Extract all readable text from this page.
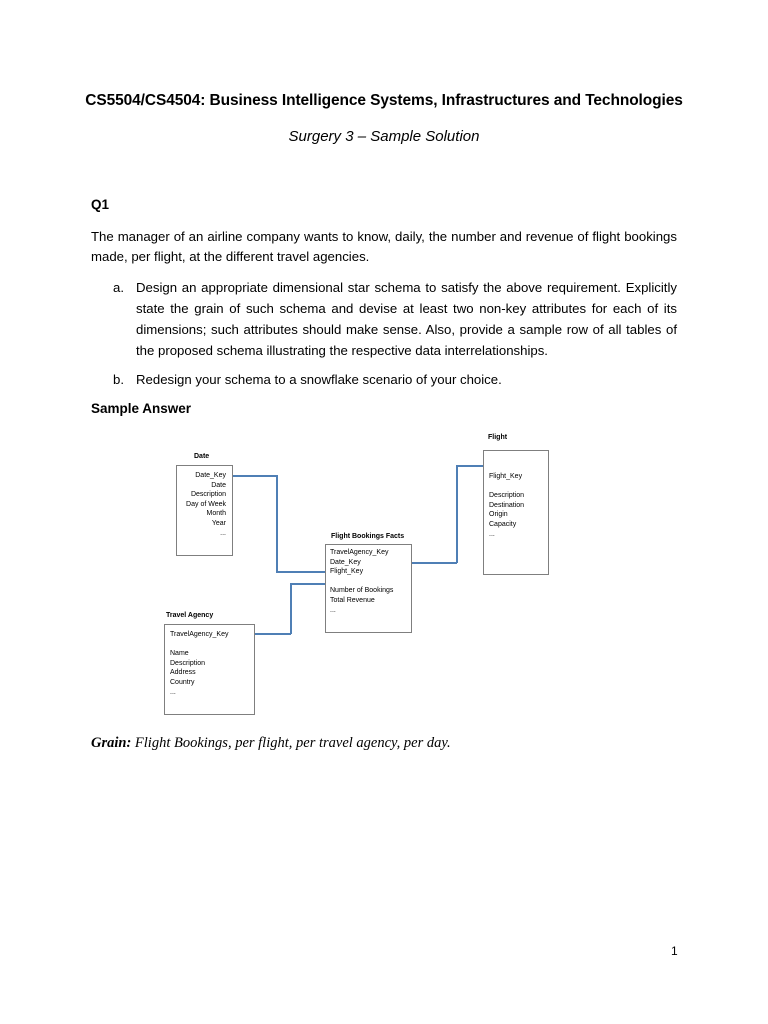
CS5504/CS4504: Business Intelligence Systems, Infrastructures and Technologies
Surgery 3 – Sample Solution
Q1
The manager of an airline company wants to know, daily, the number and revenue of flight bookings made, per flight, at the different travel agencies.
a. Design an appropriate dimensional star schema to satisfy the above requirement. Explicitly state the grain of such schema and devise at least two non-key attributes for each of its dimensions; such attributes should make sense. Also, provide a sample row of all tables of the proposed schema illustrating the respective data interrelationships.
b. Redesign your schema to a snowflake scenario of your choice.
Sample Answer
Date
Date_Key
Date
Description
Day of Week
Month
Year
...
Flight
Flight_Key

Description
Destination
Origin
Capacity
...
Flight Bookings Facts
TravelAgency_Key
Date_Key
Flight_Key

Number of Bookings
Total Revenue
...
Travel Agency
TravelAgency_Key

Name
Description
Address
Country
...
Grain: Flight Bookings, per flight, per travel agency, per day.
1
